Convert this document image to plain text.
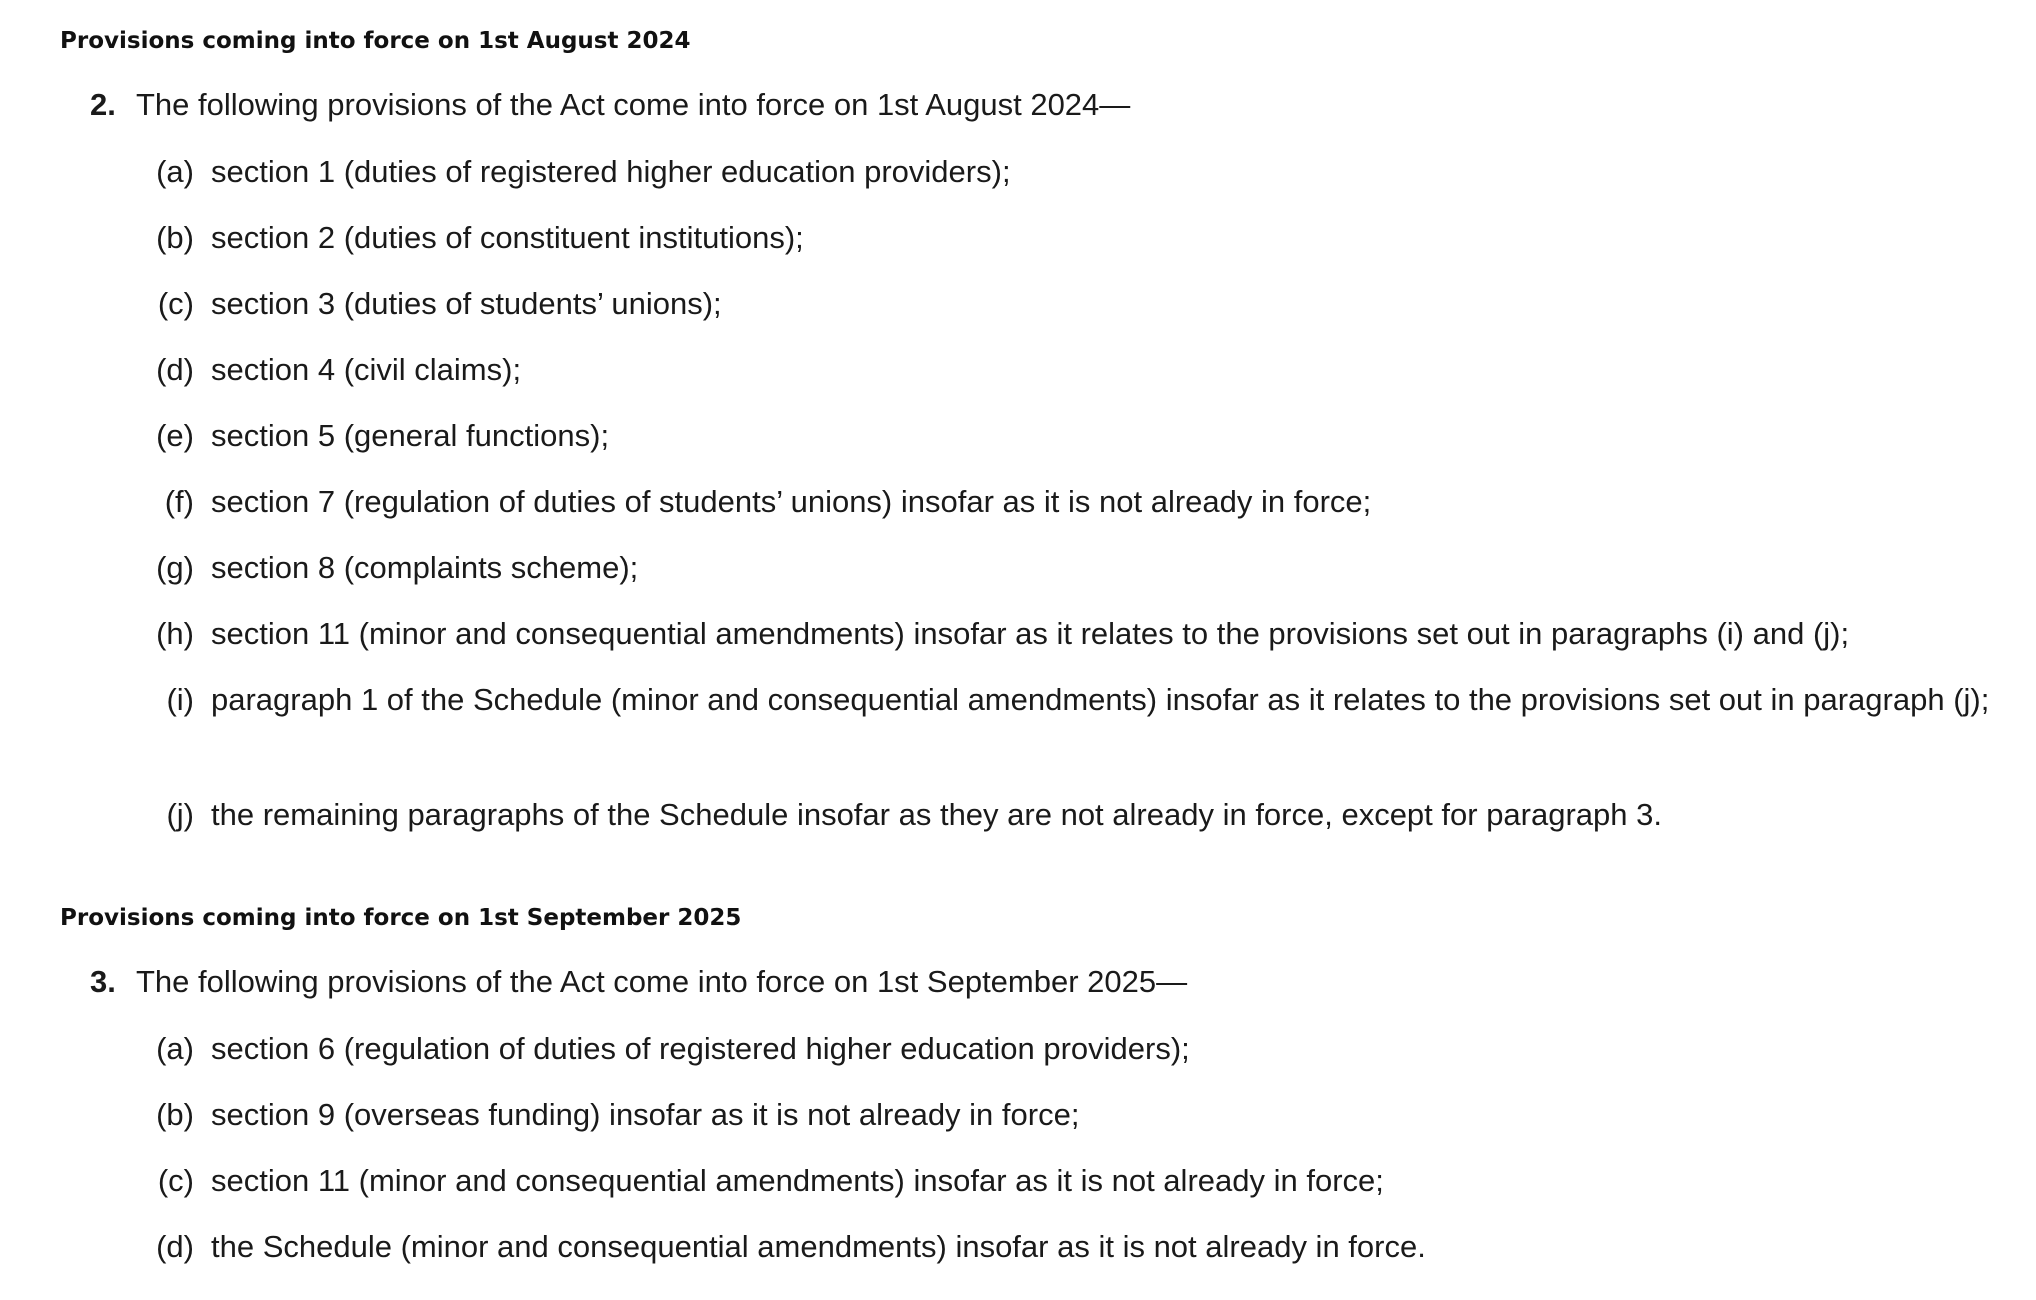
Provisions coming into force on 1st August 2024
2. The following provisions of the Act come into force on 1st August 2024—
(a) section 1 (duties of registered higher education providers);
(b) section 2 (duties of constituent institutions);
(c) section 3 (duties of students’ unions);
(d) section 4 (civil claims);
(e) section 5 (general functions);
(f) section 7 (regulation of duties of students’ unions) insofar as it is not already in force;
(g) section 8 (complaints scheme);
(h) section 11 (minor and consequential amendments) insofar as it relates to the provisions set out in paragraphs (i) and (j);
(i) paragraph 1 of the Schedule (minor and consequential amendments) insofar as it relates to the provisions set out in paragraph (j);
(j) the remaining paragraphs of the Schedule insofar as they are not already in force, except for paragraph 3.
Provisions coming into force on 1st September 2025
3. The following provisions of the Act come into force on 1st September 2025—
(a) section 6 (regulation of duties of registered higher education providers);
(b) section 9 (overseas funding) insofar as it is not already in force;
(c) section 11 (minor and consequential amendments) insofar as it is not already in force;
(d) the Schedule (minor and consequential amendments) insofar as it is not already in force.
